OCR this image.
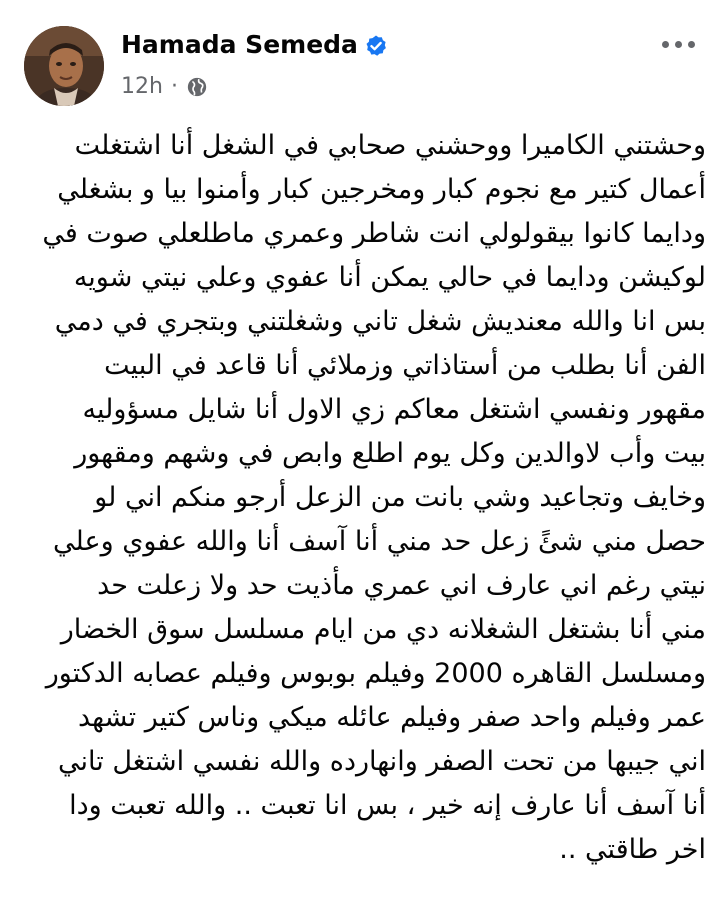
Hamada Semeda
12h ·
وحشتني الكاميرا ووحشني صحابي في الشغل أنا اشتغلت
أعمال كتير مع نجوم كبار ومخرجين كبار وأمنوا بيا و بشغلي
ودايما كانوا بيقولولي انت شاطر وعمري ماطلعلي صوت في
لوكيشن ودايما في حالي يمكن أنا عفوي وعلي نيتي شويه
بس انا والله معنديش شغل تاني وشغلتني وبتجري في دمي
الفن أنا بطلب من أستاذاتي وزملائي أنا قاعد في البيت
مقهور ونفسي اشتغل معاكم زي الاول أنا شايل مسؤوليه
بيت وأب لاوالدين وكل يوم اطلع وابص في وشهم ومقهور
وخايف وتجاعيد وشي بانت من الزعل أرجو منكم اني لو
حصل مني شئً زعل حد مني أنا آسف أنا والله عفوي وعلي
نيتي رغم اني عارف اني عمري مأذيت حد ولا زعلت حد
مني أنا بشتغل الشغلانه دي من ايام مسلسل سوق الخضار
ومسلسل القاهره 2000 وفيلم بوبوس وفيلم عصابه الدكتور
عمر وفيلم واحد صفر وفيلم عائله ميكي وناس كتير تشهد
اني جيبها من تحت الصفر وانهارده والله نفسي اشتغل تاني
أنا آسف أنا عارف إنه خير ، بس انا تعبت .. والله تعبت ودا
اخر طاقتي ..
